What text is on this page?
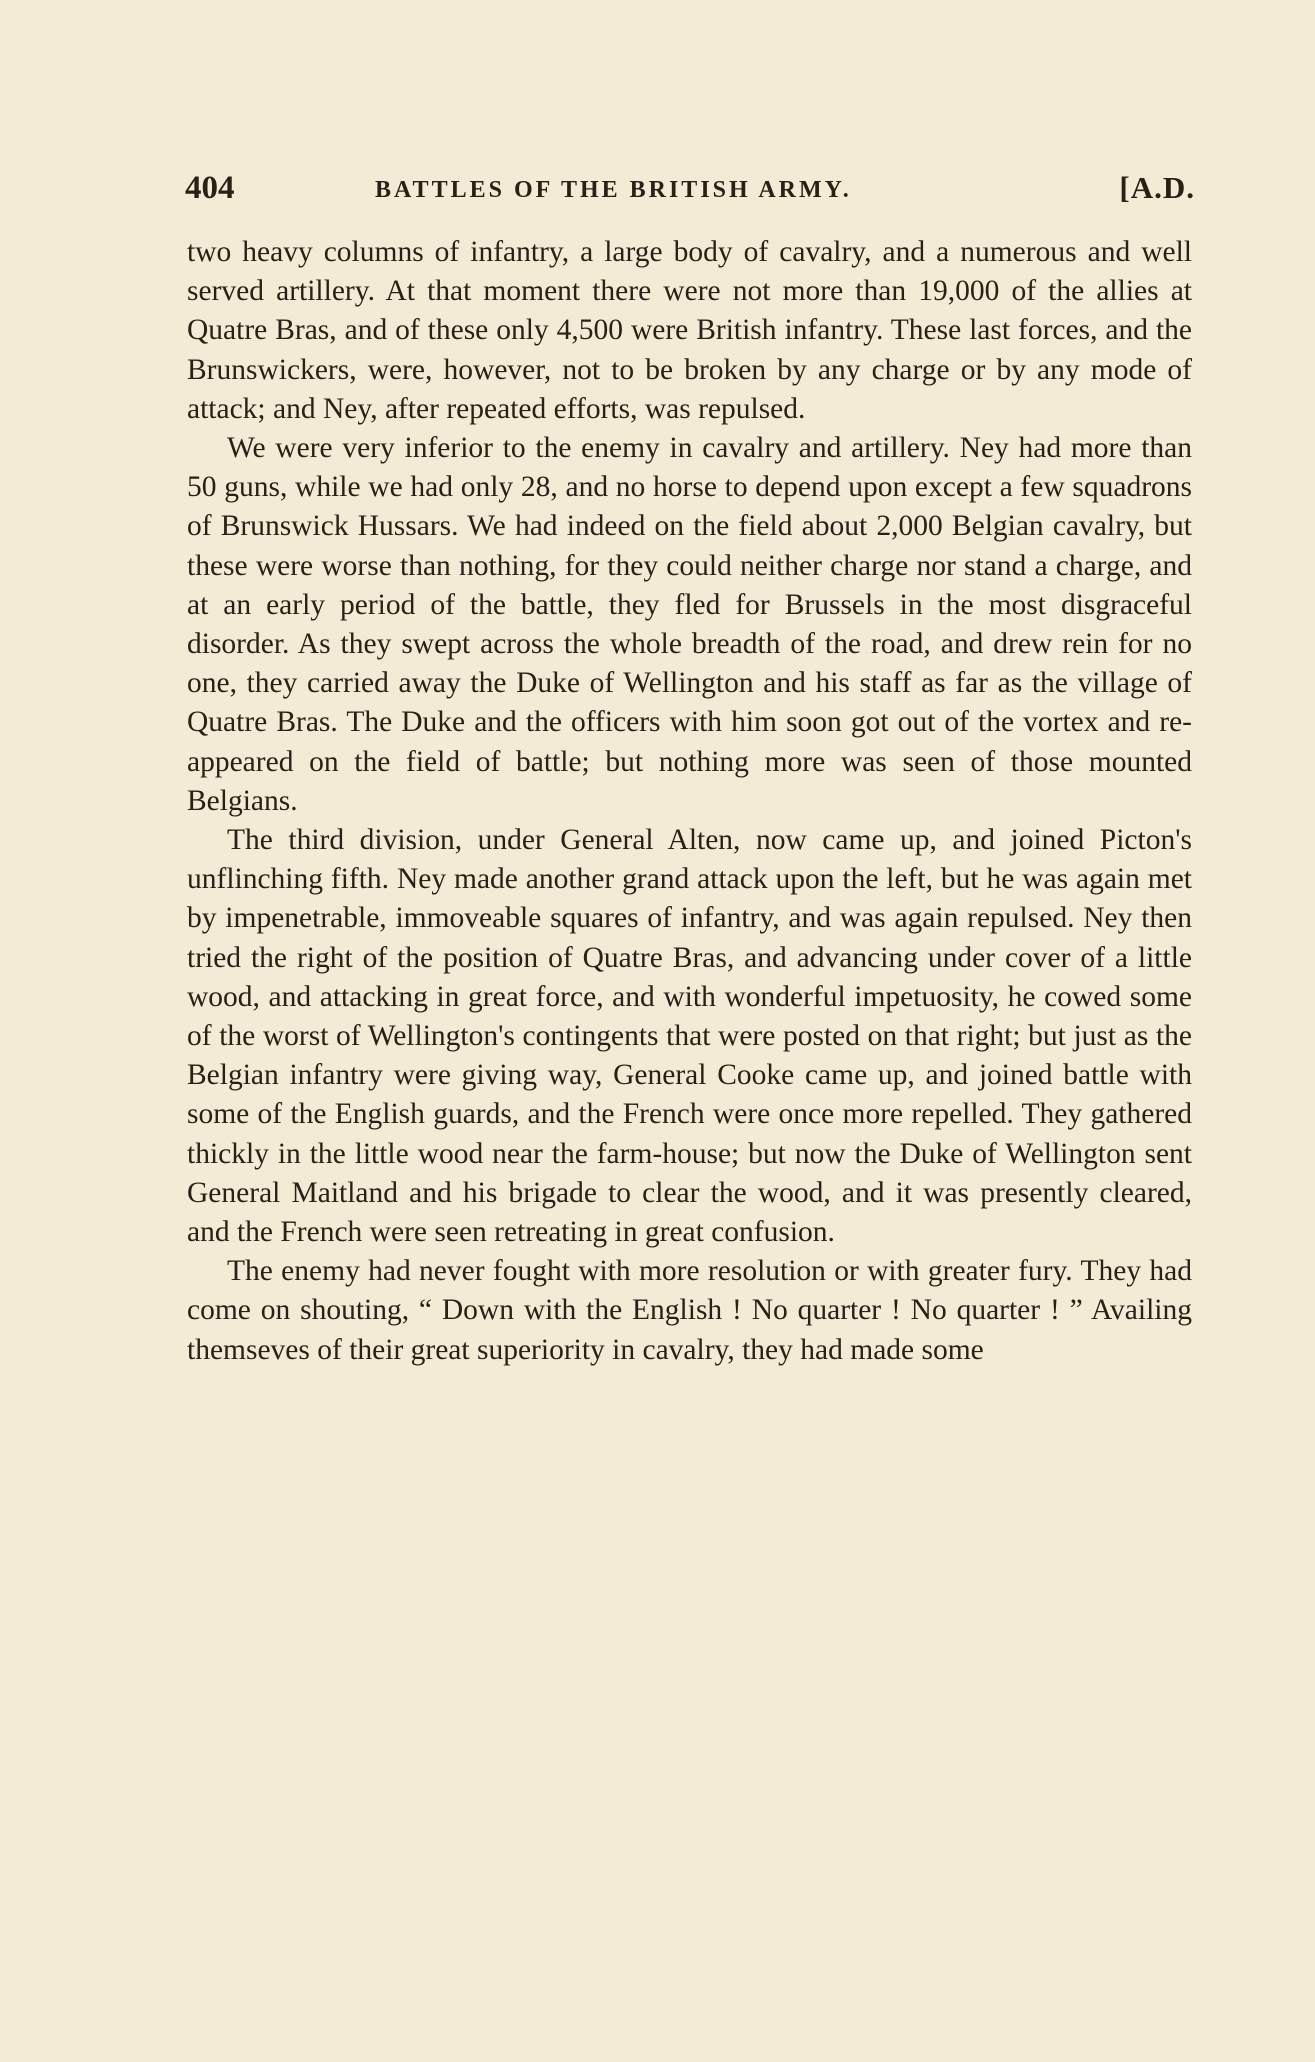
404	BATTLES OF THE BRITISH ARMY.	[A.D.

two heavy columns of infantry, a large body of cavalry, and a numerous and well served artillery. At that moment there were not more than 19,000 of the allies at Quatre Bras, and of these only 4,500 were British infantry. These last forces, and the Brunswickers, were, however, not to be broken by any charge or by any mode of attack; and Ney, after repeated efforts, was repulsed.

We were very inferior to the enemy in cavalry and artillery. Ney had more than 50 guns, while we had only 28, and no horse to depend upon except a few squadrons of Brunswick Hussars. We had indeed on the field about 2,000 Belgian cavalry, but these were worse than nothing, for they could neither charge nor stand a charge, and at an early period of the battle, they fled for Brussels in the most disgraceful disorder. As they swept across the whole breadth of the road, and drew rein for no one, they carried away the Duke of Wellington and his staff as far as the village of Quatre Bras. The Duke and the officers with him soon got out of the vortex and re-appeared on the field of battle; but nothing more was seen of those mounted Belgians.

The third division, under General Alten, now came up, and joined Picton's unflinching fifth. Ney made another grand attack upon the left, but he was again met by impenetrable, immoveable squares of infantry, and was again repulsed. Ney then tried the right of the position of Quatre Bras, and advancing under cover of a little wood, and attacking in great force, and with wonderful impetuosity, he cowed some of the worst of Wellington's contingents that were posted on that right; but just as the Belgian infantry were giving way, General Cooke came up, and joined battle with some of the English guards, and the French were once more repelled. They gathered thickly in the little wood near the farm-house; but now the Duke of Wellington sent General Maitland and his brigade to clear the wood, and it was presently cleared, and the French were seen retreating in great confusion.

The enemy had never fought with more resolution or with greater fury. They had come on shouting, “ Down with the English ! No quarter ! No quarter ! ” Availing themseves of their great superiority in cavalry, they had made some
